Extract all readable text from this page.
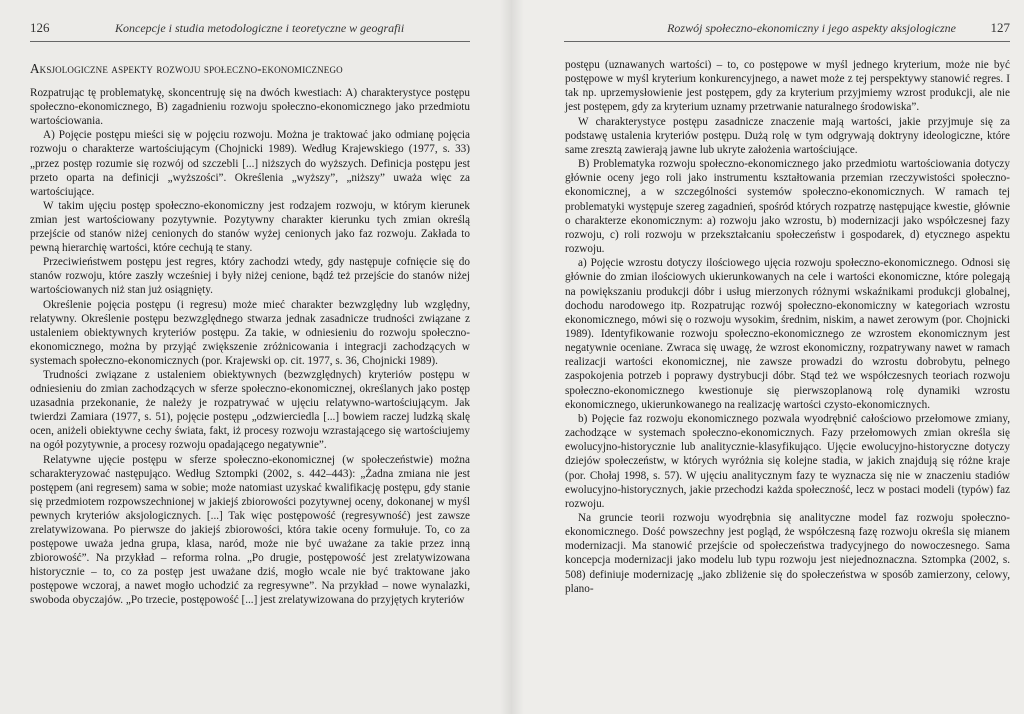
126	Koncepcje i studia metodologiczne i teoretyczne w geografii
Aksjologiczne aspekty rozwoju społeczno-ekonomicznego

Rozpatrując tę problematykę, skoncentruję się na dwóch kwestiach: A) charakterystyce postępu społeczno-ekonomicznego, B) zagadnieniu rozwoju społeczno-ekonomicznego jako przedmiotu wartościowania.

A) Pojęcie postępu mieści się w pojęciu rozwoju. Można je traktować jako odmianę pojęcia rozwoju o charakterze wartościującym (Chojnicki 1989). Według Krajewskiego (1977, s. 33) „przez postęp rozumie się rozwój od szczebli [...] niższych do wyższych. Definicja postępu jest przeto oparta na definicji „wyższości”. Określenia „wyższy”, „niższy” uważa więc za wartościujące.

W takim ujęciu postęp społeczno-ekonomiczny jest rodzajem rozwoju, w którym kierunek zmian jest wartościowany pozytywnie. Pozytywny charakter kierunku tych zmian określą przejście od stanów niżej cenionych do stanów wyżej cenionych jako faz rozwoju. Zakłada to pewną hierarchię wartości, które cechują te stany.

Przeciwieństwem postępu jest regres, który zachodzi wtedy, gdy następuje cofnięcie się do stanów rozwoju, które zaszły wcześniej i były niżej cenione, bądź też przejście do stanów niżej wartościowanych niż stan już osiągnięty.

Określenie pojęcia postępu (i regresu) może mieć charakter bezwzględny lub względny, relatywny. Określenie postępu bezwzględnego stwarza jednak zasadnicze trudności związane z ustaleniem obiektywnych kryteriów postępu. Za takie, w odniesieniu do rozwoju społeczno-ekonomicznego, można by przyjąć zwiększenie zróżnicowania i integracji zachodzących w systemach społeczno-ekonomicznych (por. Krajewski op. cit. 1977, s. 36, Chojnicki 1989).

Trudności związane z ustaleniem obiektywnych (bezwzględnych) kryteriów postępu w odniesieniu do zmian zachodzących w sferze społeczno-ekonomicznej, określanych jako postęp uzasadnia przekonanie, że należy je rozpatrywać w ujęciu relatywno-wartościującym. Jak twierdzi Zamiara (1977, s. 51), pojęcie postępu „odzwierciedla [...] bowiem raczej ludzką skalę ocen, aniżeli obiektywne cechy świata, fakt, iż procesy rozwoju wzrastającego się wartościujemy na ogół pozytywnie, a procesy rozwoju opadającego negatywnie”.

Relatywne ujęcie postępu w sferze społeczno-ekonomicznej (w społeczeństwie) można scharakteryzować następująco. Według Sztompki (2002, s. 442–443): „Żadna zmiana nie jest postępem (ani regresem) sama w sobie; może natomiast uzyskać kwalifikację postępu, gdy stanie się przedmiotem rozpowszechnionej w jakiejś zbiorowości pozytywnej oceny, dokonanej w myśl pewnych kryteriów aksjologicznych. [...] Tak więc postępowość (regresywność) jest zawsze zrelatywizowana. Po pierwsze do jakiejś zbiorowości, która takie oceny formułuje. To, co za postępowe uważa jedna grupa, klasa, naród, może nie być uważane za takie przez inną zbiorowość”. Na przykład – reforma rolna. „Po drugie, postępowość jest zrelatywizowana historycznie – to, co za postęp jest uważane dziś, mogło wcale nie być traktowane jako postępowe wczoraj, a nawet mogło uchodzić za regresywne”. Na przykład – nowe wynalazki, swoboda obyczajów. „Po trzecie, postępowość [...] jest zrelatywizowana do przyjętych kryteriów

Rozwój społeczno-ekonomiczny i jego aspekty aksjologiczne	127

postępu (uznawanych wartości) – to, co postępowe w myśl jednego kryterium, może nie być postępowe w myśl kryterium konkurencyjnego, a nawet może z tej perspektywy stanowić regres. I tak np. uprzemysłowienie jest postępem, gdy za kryterium przyjmiemy wzrost produkcji, ale nie jest postępem, gdy za kryterium uznamy przetrwanie naturalnego środowiska”.

W charakterystyce postępu zasadnicze znaczenie mają wartości, jakie przyjmuje się za podstawę ustalenia kryteriów postępu. Dużą rolę w tym odgrywają doktryny ideologiczne, które same zresztą zawierają jawne lub ukryte założenia wartościujące.

B) Problematyka rozwoju społeczno-ekonomicznego jako przedmiotu wartościowania dotyczy głównie oceny jego roli jako instrumentu kształtowania przemian rzeczywistości społeczno-ekonomicznej, a w szczególności systemów społeczno-ekonomicznych. W ramach tej problematyki występuje szereg zagadnień, spośród których rozpatrzę następujące kwestie, głównie o charakterze ekonomicznym: a) rozwoju jako wzrostu, b) modernizacji jako współczesnej fazy rozwoju, c) roli rozwoju w przekształcaniu społeczeństw i gospodarek, d) etycznego aspektu rozwoju.

a) Pojęcie wzrostu dotyczy ilościowego ujęcia rozwoju społeczno-ekonomicznego. Odnosi się głównie do zmian ilościowych ukierunkowanych na cele i wartości ekonomiczne, które polegają na powiększaniu produkcji dóbr i usług mierzonych różnymi wskaźnikami produkcji globalnej, dochodu narodowego itp. Rozpatrując rozwój społeczno-ekonomiczny w kategoriach wzrostu ekonomicznego, mówi się o rozwoju wysokim, średnim, niskim, a nawet zerowym (por. Chojnicki 1989). Identyfikowanie rozwoju społeczno-ekonomicznego ze wzrostem ekonomicznym jest negatywnie oceniane. Zwraca się uwagę, że wzrost ekonomiczny, rozpatrywany nawet w ramach realizacji wartości ekonomicznej, nie zawsze prowadzi do wzrostu dobrobytu, pełnego zaspokojenia potrzeb i poprawy dystrybucji dóbr. Stąd też we współczesnych teoriach rozwoju społeczno-ekonomicznego kwestionuje się pierwszoplanową rolę dynamiki wzrostu ekonomicznego, ukierunkowanego na realizację wartości czysto-ekonomicznych.

b) Pojęcie faz rozwoju ekonomicznego pozwala wyodrębnić całościowo przełomowe zmiany, zachodzące w systemach społeczno-ekonomicznych. Fazy przełomowych zmian określa się ewolucyjno-historycznie lub analitycznie-klasyfikująco. Ujęcie ewolucyjno-historyczne dotyczy dziejów społeczeństw, w których wyróżnia się kolejne stadia, w jakich znajdują się różne kraje (por. Chołaj 1998, s. 57). W ujęciu analitycznym fazy te wyznacza się nie w znaczeniu stadiów ewolucyjno-historycznych, jakie przechodzi każda społeczność, lecz w postaci modeli (typów) faz rozwoju.

Na gruncie teorii rozwoju wyodrębnia się analityczne model faz rozwoju społeczno-ekonomicznego. Dość powszechny jest pogląd, że współczesną fazę rozwoju określa się mianem modernizacji. Ma stanowić przejście od społeczeństwa tradycyjnego do nowoczesnego. Sama koncepcja modernizacji jako modelu lub typu rozwoju jest niejednoznaczna. Sztompka (2002, s. 508) definiuje modernizację „jako zbliżenie się do społeczeństwa w sposób zamierzony, celowy, plano-
